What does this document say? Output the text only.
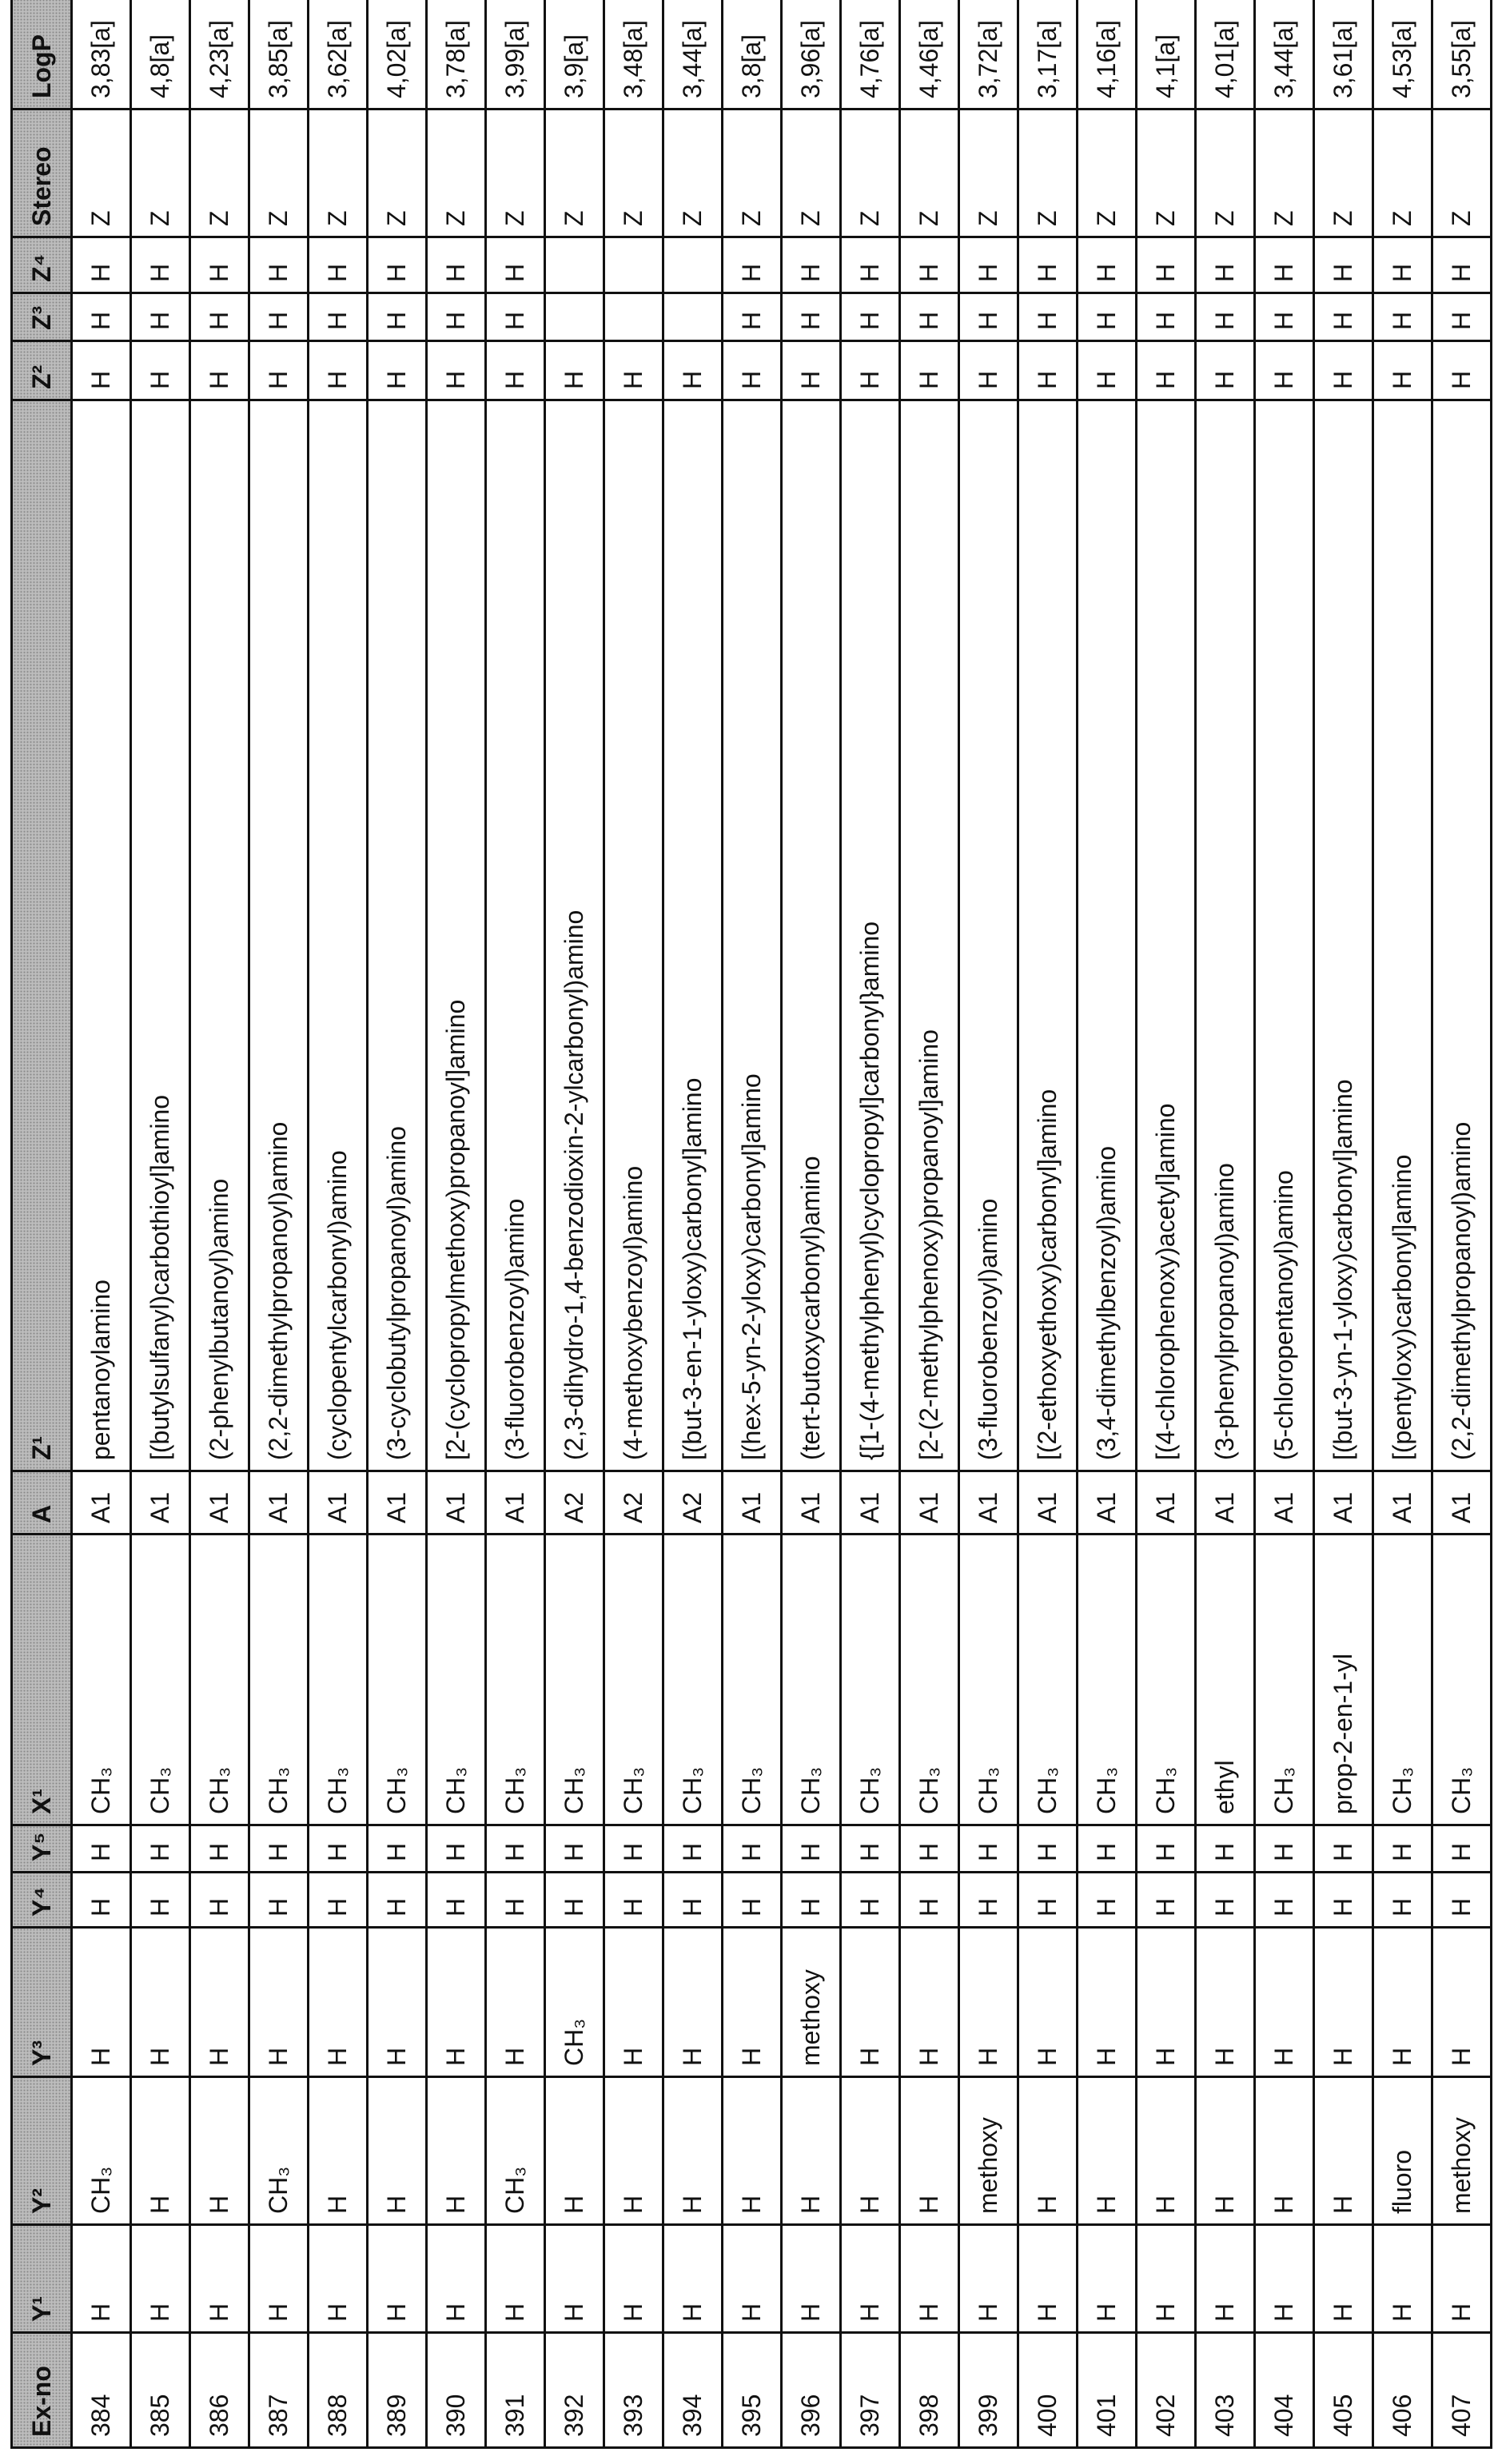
Ex-no	Y¹	Y²	Y³	Y⁴	Y⁵	X¹	A	Z¹	Z²	Z³	Z⁴	Stereo	LogP
384	H	CH₃	H	H	H	CH₃	A1	pentanoylamino	H	H	H	Z	3,83[a]
385	H	H	H	H	H	CH₃	A1	[(butylsulfanyl)carbothioyl]amino	H	H	H	Z	4,8[a]
386	H	H	H	H	H	CH₃	A1	(2-phenylbutanoyl)amino	H	H	H	Z	4,23[a]
387	H	CH₃	H	H	H	CH₃	A1	(2,2-dimethylpropanoyl)amino	H	H	H	Z	3,85[a]
388	H	H	H	H	H	CH₃	A1	(cyclopentylcarbonyl)amino	H	H	H	Z	3,62[a]
389	H	H	H	H	H	CH₃	A1	(3-cyclobutylpropanoyl)amino	H	H	H	Z	4,02[a]
390	H	H	H	H	H	CH₃	A1	[2-(cyclopropylmethoxy)propanoyl]amino	H	H	H	Z	3,78[a]
391	H	CH₃	H	H	H	CH₃	A1	(3-fluorobenzoyl)amino	H	H	H	Z	3,99[a]
392	H	H	CH₃	H	H	CH₃	A2	(2,3-dihydro-1,4-benzodioxin-2-ylcarbonyl)amino	H			Z	3,9[a]
393	H	H	H	H	H	CH₃	A2	(4-methoxybenzoyl)amino	H			Z	3,48[a]
394	H	H	H	H	H	CH₃	A2	[(but-3-en-1-yloxy)carbonyl]amino	H			Z	3,44[a]
395	H	H	H	H	H	CH₃	A1	[(hex-5-yn-2-yloxy)carbonyl]amino	H	H	H	Z	3,8[a]
396	H	H	methoxy	H	H	CH₃	A1	(tert-butoxycarbonyl)amino	H	H	H	Z	3,96[a]
397	H	H	H	H	H	CH₃	A1	{[1-(4-methylphenyl)cyclopropyl]carbonyl}amino	H	H	H	Z	4,76[a]
398	H	H	H	H	H	CH₃	A1	[2-(2-methylphenoxy)propanoyl]amino	H	H	H	Z	4,46[a]
399	H	methoxy	H	H	H	CH₃	A1	(3-fluorobenzoyl)amino	H	H	H	Z	3,72[a]
400	H	H	H	H	H	CH₃	A1	[(2-ethoxyethoxy)carbonyl]amino	H	H	H	Z	3,17[a]
401	H	H	H	H	H	CH₃	A1	(3,4-dimethylbenzoyl)amino	H	H	H	Z	4,16[a]
402	H	H	H	H	H	CH₃	A1	[(4-chlorophenoxy)acetyl]amino	H	H	H	Z	4,1[a]
403	H	H	H	H	H	ethyl	A1	(3-phenylpropanoyl)amino	H	H	H	Z	4,01[a]
404	H	H	H	H	H	CH₃	A1	(5-chloropentanoyl)amino	H	H	H	Z	3,44[a]
405	H	H	H	H	H	prop-2-en-1-yl	A1	[(but-3-yn-1-yloxy)carbonyl]amino	H	H	H	Z	3,61[a]
406	H	fluoro	H	H	H	CH₃	A1	[(pentyloxy)carbonyl]amino	H	H	H	Z	4,53[a]
407	H	methoxy	H	H	H	CH₃	A1	(2,2-dimethylpropanoyl)amino	H	H	H	Z	3,55[a]
